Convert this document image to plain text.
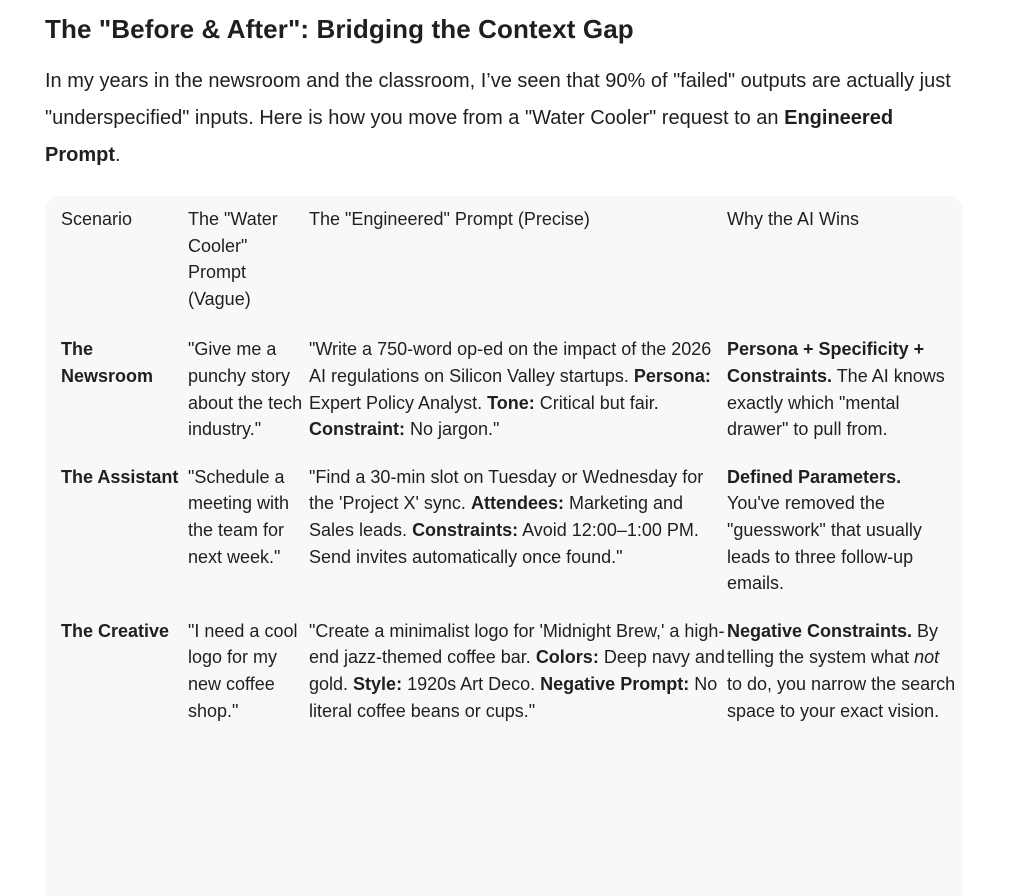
The "Before & After": Bridging the Context Gap

In my years in the newsroom and the classroom, I’ve seen that 90% of "failed" outputs are actually just "underspecified" inputs. Here is how you move from a "Water Cooler" request to an Engineered Prompt.

Scenario	The "Water Cooler" Prompt (Vague)	The "Engineered" Prompt (Precise)	Why the AI Wins
The Newsroom	"Give me a punchy story about the tech industry."	"Write a 750-word op-ed on the impact of the 2026 AI regulations on Silicon Valley startups. Persona: Expert Policy Analyst. Tone: Critical but fair. Constraint: No jargon."	Persona + Specificity + Constraints. The AI knows exactly which "mental drawer" to pull from.
The Assistant	"Schedule a meeting with the team for next week."	"Find a 30-min slot on Tuesday or Wednesday for the 'Project X' sync. Attendees: Marketing and Sales leads. Constraints: Avoid 12:00–1:00 PM. Send invites automatically once found."	Defined Parameters. You've removed the "guesswork" that usually leads to three follow-up emails.
The Creative	"I need a cool logo for my new coffee shop."	"Create a minimalist logo for 'Midnight Brew,' a high-end jazz-themed coffee bar. Colors: Deep navy and gold. Style: 1920s Art Deco. Negative Prompt: No literal coffee beans or cups."	Negative Constraints. By telling the system what not to do, you narrow the search space to your exact vision.
